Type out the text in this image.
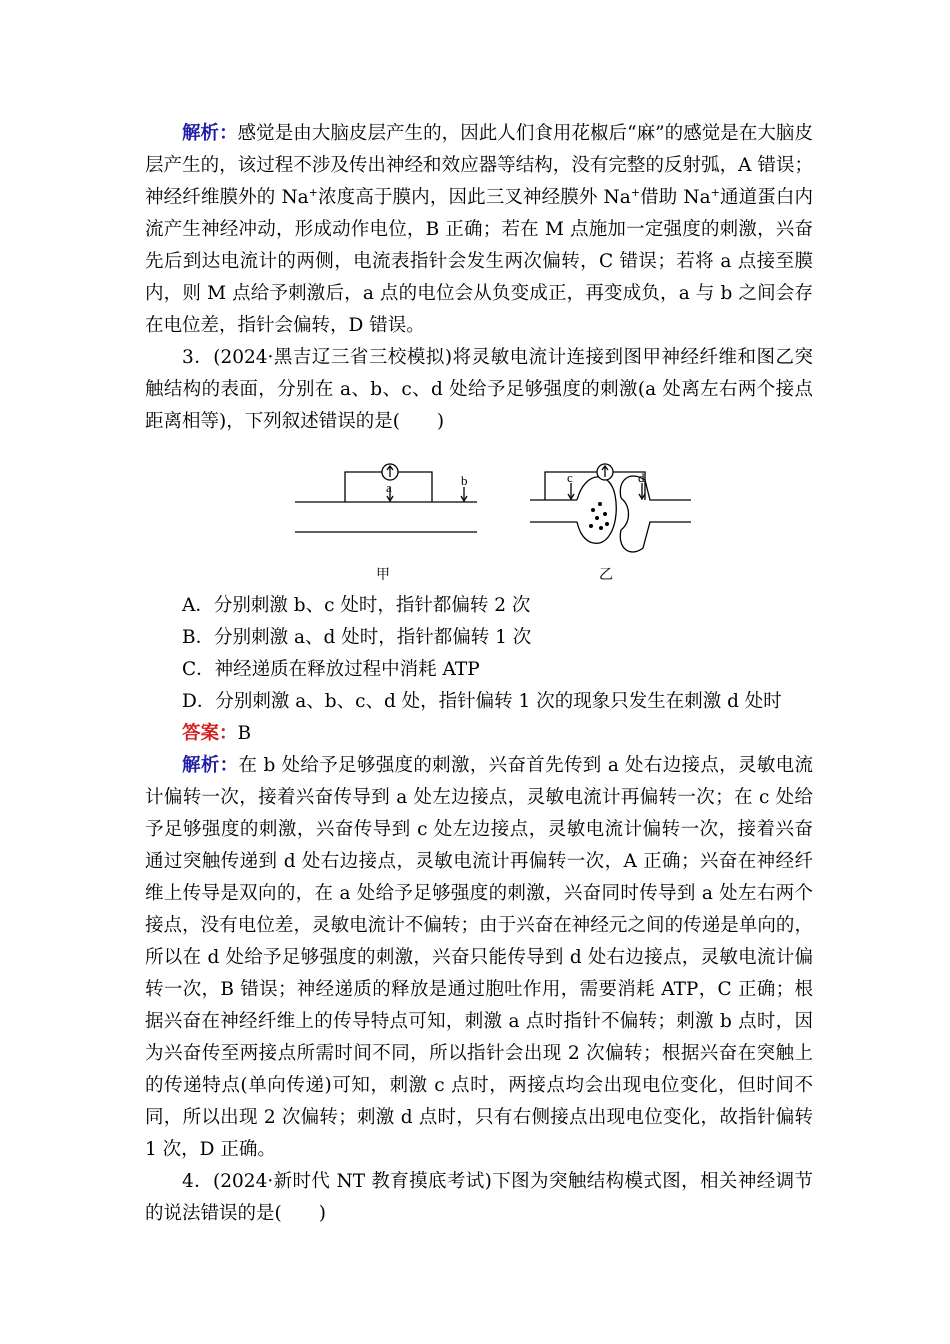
解析：感觉是由大脑皮层产生的，因此人们食用花椒后“麻”的感觉是在大脑皮层产生的，该过程不涉及传出神经和效应器等结构，没有完整的反射弧，A 错误；神经纤维膜外的 Na+浓度高于膜内，因此三叉神经膜外 Na+借助 Na+通道蛋白内流产生神经冲动，形成动作电位，B 正确；若在 M 点施加一定强度的刺激，兴奋先后到达电流计的两侧，电流表指针会发生两次偏转，C 错误；若将 a 点接至膜内，则 M 点给予刺激后，a 点的电位会从负变成正，再变成负，a 与 b 之间会存在电位差，指针会偏转，D 错误。

3．(2024·黑吉辽三省三校模拟)将灵敏电流计连接到图甲神经纤维和图乙突触结构的表面，分别在 a、b、c、d 处给予足够强度的刺激(a 处离左右两个接点距离相等)，下列叙述错误的是(　　)

a	b	c	d
甲	乙
A．分别刺激 b、c 处时，指针都偏转 2 次
B．分别刺激 a、d 处时，指针都偏转 1 次
C．神经递质在释放过程中消耗 ATP
D．分别刺激 a、b、c、d 处，指针偏转 1 次的现象只发生在刺激 d 处时

答案：B

解析：在 b 处给予足够强度的刺激，兴奋首先传到 a 处右边接点，灵敏电流计偏转一次，接着兴奋传导到 a 处左边接点，灵敏电流计再偏转一次；在 c 处给予足够强度的刺激，兴奋传导到 c 处左边接点，灵敏电流计偏转一次，接着兴奋通过突触传递到 d 处右边接点，灵敏电流计再偏转一次，A 正确；兴奋在神经纤维上传导是双向的，在 a 处给予足够强度的刺激，兴奋同时传导到 a 处左右两个接点，没有电位差，灵敏电流计不偏转；由于兴奋在神经元之间的传递是单向的，所以在 d 处给予足够强度的刺激，兴奋只能传导到 d 处右边接点，灵敏电流计偏转一次，B 错误；神经递质的释放是通过胞吐作用，需要消耗 ATP，C 正确；根据兴奋在神经纤维上的传导特点可知，刺激 a 点时指针不偏转；刺激 b 点时，因为兴奋传至两接点所需时间不同，所以指针会出现 2 次偏转；根据兴奋在突触上的传递特点(单向传递)可知，刺激 c 点时，两接点均会出现电位变化，但时间不同，所以出现 2 次偏转；刺激 d 点时，只有右侧接点出现电位变化，故指针偏转 1 次，D 正确。

4．(2024·新时代 NT 教育摸底考试)下图为突触结构模式图，相关神经调节的说法错误的是(　　)
